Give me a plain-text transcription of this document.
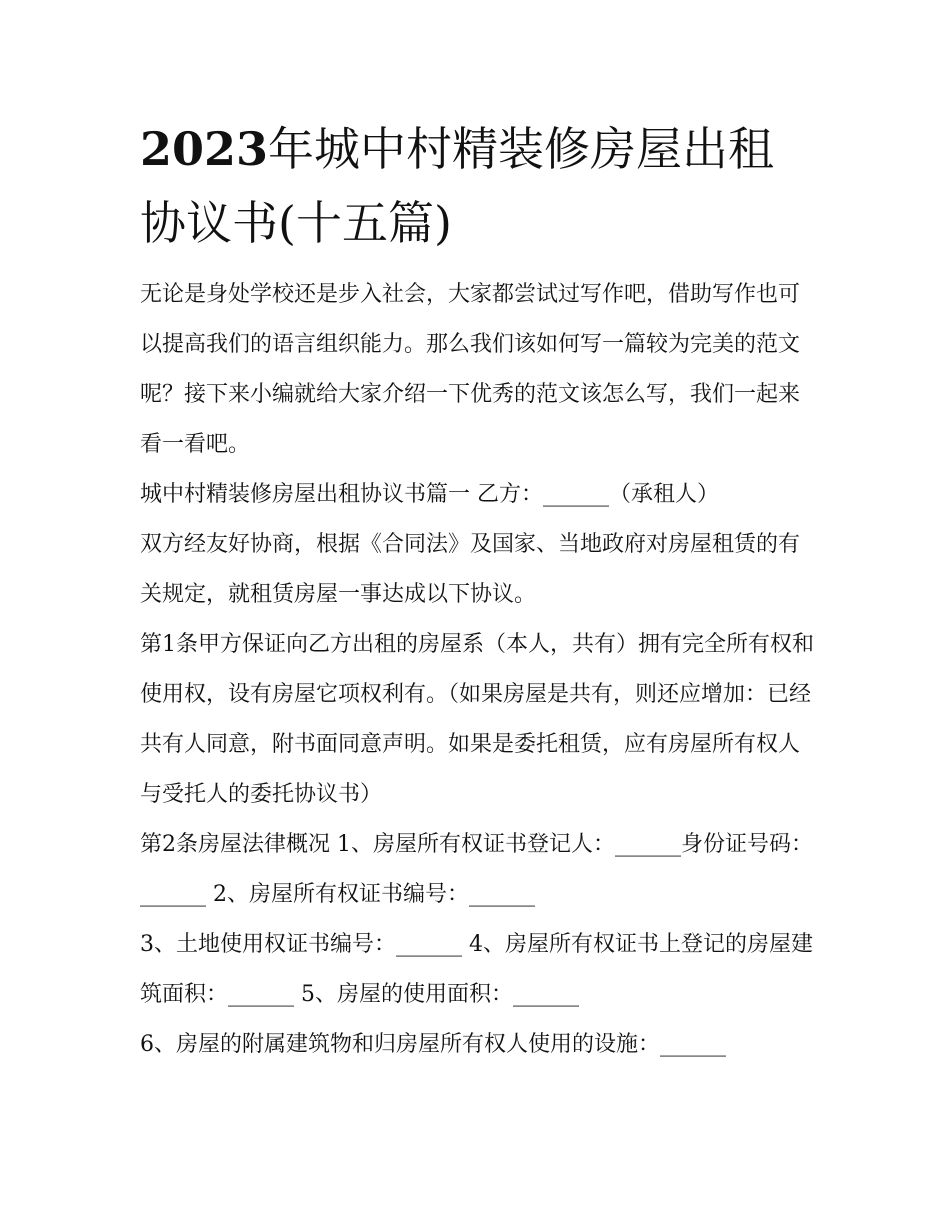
2023年城中村精装修房屋出租协议书(十五篇)

无论是身处学校还是步入社会，大家都尝试过写作吧，借助写作也可以提高我们的语言组织能力。那么我们该如何写一篇较为完美的范文呢？接下来小编就给大家介绍一下优秀的范文该怎么写，我们一起来看一看吧。

城中村精装修房屋出租协议书篇一 乙方：______（承租人）

双方经友好协商，根据《合同法》及国家、当地政府对房屋租赁的有关规定，就租赁房屋一事达成以下协议。

第1条甲方保证向乙方出租的房屋系（本人，共有）拥有完全所有权和使用权，设有房屋它项权利有。（如果房屋是共有，则还应增加：已经共有人同意，附书面同意声明。如果是委托租赁，应有房屋所有权人与受托人的委托协议书）

第2条房屋法律概况 1、房屋所有权证书登记人：______身份证号码：______ 2、房屋所有权证书编号：______

3、土地使用权证书编号：______ 4、房屋所有权证书上登记的房屋建筑面积：______ 5、房屋的使用面积：______

6、房屋的附属建筑物和归房屋所有权人使用的设施：______
